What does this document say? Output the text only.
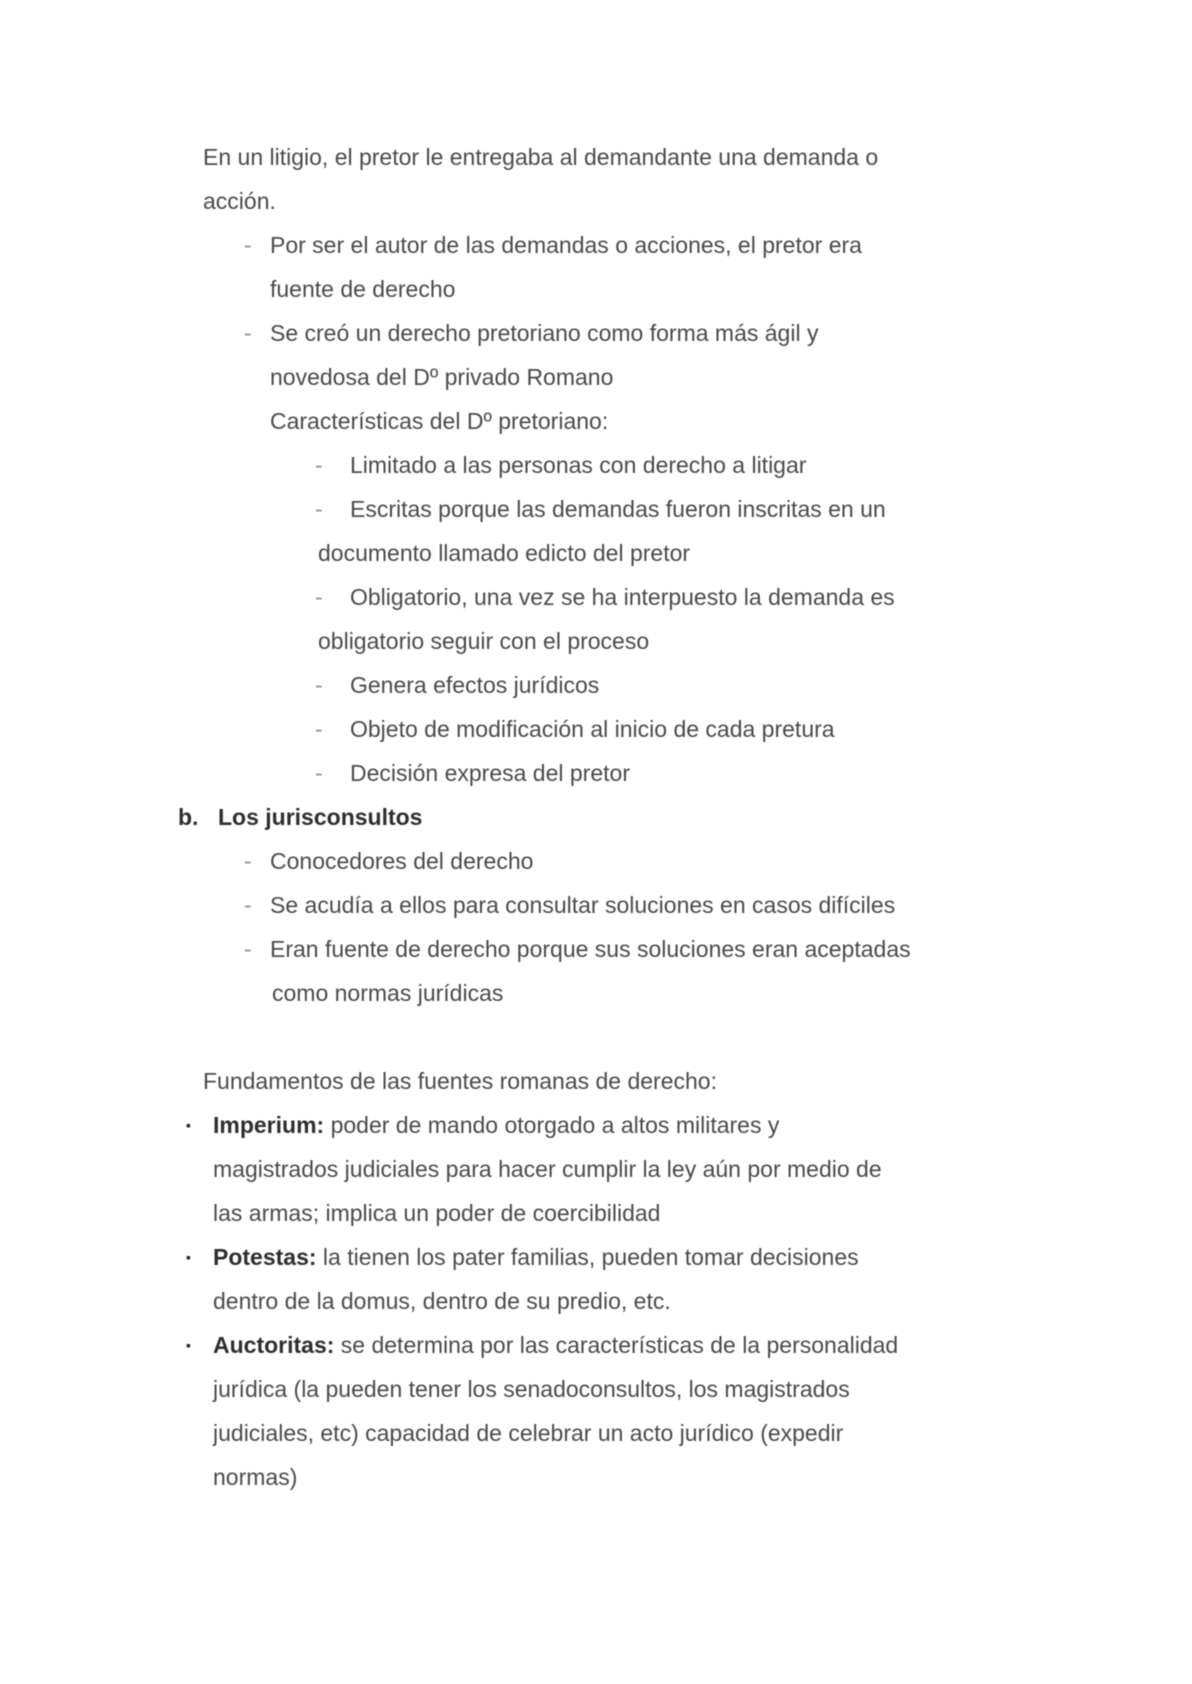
En un litigio, el pretor le entregaba al demandante una demanda o
acción.
- Por ser el autor de las demandas o acciones, el pretor era
fuente de derecho
- Se creó un derecho pretoriano como forma más ágil y
novedosa del Dº privado Romano
Características del Dº pretoriano:
- Limitado a las personas con derecho a litigar
- Escritas porque las demandas fueron inscritas en un
documento llamado edicto del pretor
- Obligatorio, una vez se ha interpuesto la demanda es
obligatorio seguir con el proceso
- Genera efectos jurídicos
- Objeto de modificación al inicio de cada pretura
- Decisión expresa del pretor
b. Los jurisconsultos
- Conocedores del derecho
- Se acudía a ellos para consultar soluciones en casos difíciles
- Eran fuente de derecho porque sus soluciones eran aceptadas
como normas jurídicas
Fundamentos de las fuentes romanas de derecho:
▪ Imperium: poder de mando otorgado a altos militares y
magistrados judiciales para hacer cumplir la ley aún por medio de
las armas; implica un poder de coercibilidad
▪ Potestas: la tienen los pater familias, pueden tomar decisiones
dentro de la domus, dentro de su predio, etc.
▪ Auctoritas: se determina por las características de la personalidad
jurídica (la pueden tener los senadoconsultos, los magistrados
judiciales, etc) capacidad de celebrar un acto jurídico (expedir
normas)
